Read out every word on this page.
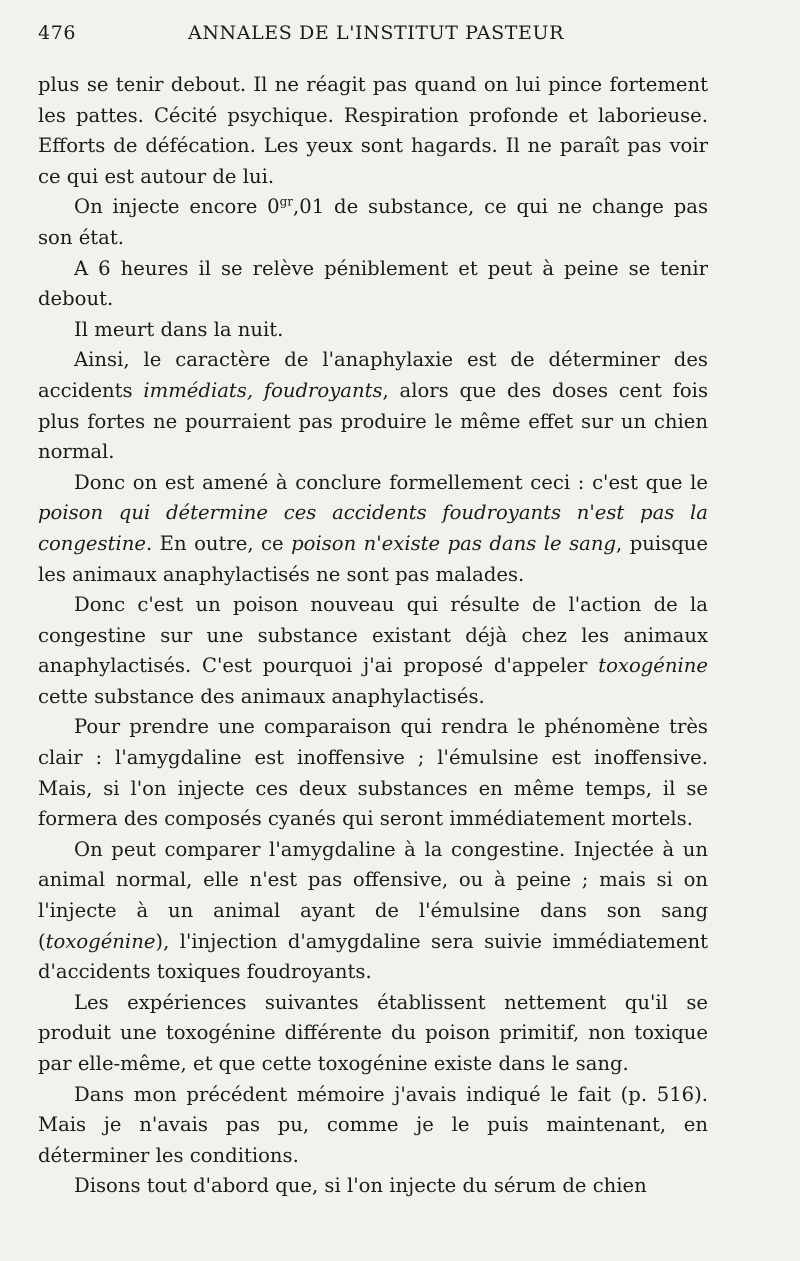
476	ANNALES DE L'INSTITUT PASTEUR

plus se tenir debout. Il ne réagit pas quand on lui pince fortement les pattes. Cécité psychique. Respiration profonde et laborieuse. Efforts de défécation. Les yeux sont hagards. Il ne paraît pas voir ce qui est autour de lui.

On injecte encore $0^{gr},01$ de substance, ce qui ne change pas son état.

A 6 heures il se relève péniblement et peut à peine se tenir debout.

Il meurt dans la nuit.

Ainsi, le caractère de l'anaphylaxie est de déterminer des accidents immédiats, foudroyants, alors que des doses cent fois plus fortes ne pourraient pas produire le même effet sur un chien normal.

Donc on est amené à conclure formellement ceci : c'est que le poison qui détermine ces accidents foudroyants n'est pas la congestine. En outre, ce poison n'existe pas dans le sang, puisque les animaux anaphylactisés ne sont pas malades.

Donc c'est un poison nouveau qui résulte de l'action de la congestine sur une substance existant déjà chez les animaux anaphylactisés. C'est pourquoi j'ai proposé d'appeler toxogénine cette substance des animaux anaphylactisés.

Pour prendre une comparaison qui rendra le phénomène très clair : l'amygdaline est inoffensive ; l'émulsine est inoffensive. Mais, si l'on injecte ces deux substances en même temps, il se formera des composés cyanés qui seront immédiatement mortels.

On peut comparer l'amygdaline à la congestine. Injectée à un animal normal, elle n'est pas offensive, ou à peine ; mais si on l'injecte à un animal ayant de l'émulsine dans son sang (toxogénine), l'injection d'amygdaline sera suivie immédiatement d'accidents toxiques foudroyants.

Les expériences suivantes établissent nettement qu'il se produit une toxogénine différente du poison primitif, non toxique par elle-même, et que cette toxogénine existe dans le sang.

Dans mon précédent mémoire j'avais indiqué le fait (p. 516). Mais je n'avais pas pu, comme je le puis maintenant, en déterminer les conditions.

Disons tout d'abord que, si l'on injecte du sérum de chien
